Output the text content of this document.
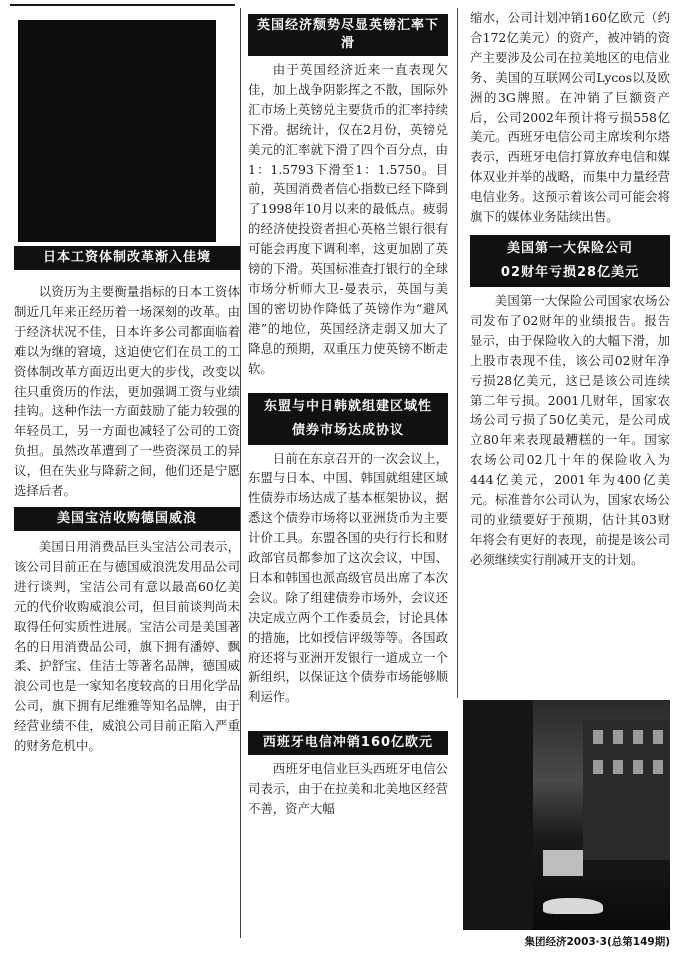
日本工资体制改革渐入佳境

以资历为主要衡量指标的日本工资体制近几年来正经历着一场深刻的改革。由于经济状况不佳，日本许多公司都面临着难以为继的窘境，这迫使它们在员工的工资体制改革方面迈出更大的步伐，改变以往只重资历的作法，更加强调工资与业绩挂钩。这种作法一方面鼓励了能力较强的年轻员工，另一方面也减轻了公司的工资负担。虽然改革遭到了一些资深员工的异议，但在失业与降薪之间，他们还是宁愿选择后者。

美国宝洁收购德国威浪

美国日用消费品巨头宝洁公司表示，该公司目前正在与德国威浪洗发用品公司进行谈判，宝洁公司有意以最高60亿美元的代价收购威浪公司，但目前谈判尚未取得任何实质性进展。宝洁公司是美国著名的日用消费品公司，旗下拥有潘婷、飘柔、护舒宝、佳洁士等著名品牌，德国威浪公司也是一家知名度较高的日用化学品公司，旗下拥有尼维雅等知名品牌，由于经营业绩不佳，威浪公司目前正陷入严重的财务危机中。

英国经济颓势尽显英镑汇率下滑

由于英国经济近来一直表现欠佳，加上战争阴影挥之不散，国际外汇市场上英镑兑主要货币的汇率持续下滑。据统计，仅在2月份，英镑兑美元的汇率就下滑了四个百分点，由1：1.5793下滑至1：1.5750。目前，英国消费者信心指数已经下降到了1998年10月以来的最低点。疲弱的经济使投资者担心英格兰银行很有可能会再度下调利率，这更加剧了英镑的下滑。英国标准查打银行的全球市场分析师大卫-曼表示，英国与美国的密切协作降低了英镑作为“避风港”的地位，英国经济走弱又加大了降息的预期，双重压力使英镑不断走软。

东盟与中日韩就组建区域性
债券市场达成协议

日前在东京召开的一次会议上，东盟与日本、中国、韩国就组建区域性债券市场达成了基本框架协议，据悉这个债券市场将以亚洲货币为主要计价工具。东盟各国的央行行长和财政部官员都参加了这次会议，中国、日本和韩国也派高级官员出席了本次会议。除了组建债券市场外，会议还决定成立两个工作委员会，讨论具体的措施，比如授信评级等等。各国政府还将与亚洲开发银行一道成立一个新组织，以保证这个债券市场能够顺利运作。

西班牙电信冲销160亿欧元

西班牙电信业巨头西班牙电信公司表示，由于在拉美和北美地区经营不善，资产大幅

缩水，公司计划冲销160亿欧元（约合172亿美元）的资产，被冲销的资产主要涉及公司在拉美地区的电信业务、美国的互联网公司Lycos以及欧洲的3G牌照。在冲销了巨额资产后，公司2002年预计将亏损558亿美元。西班牙电信公司主席埃利尔塔表示，西班牙电信打算放弃电信和媒体双业并举的战略，而集中力量经营电信业务。这预示着该公司可能会将旗下的媒体业务陆续出售。

美国第一大保险公司
02财年亏损28亿美元

美国第一大保险公司国家农场公司发布了02财年的业绩报告。报告显示，由于保险收入的大幅下滑，加上股市表现不佳，该公司02财年净亏损28亿美元，这已是该公司连续第二年亏损。2001几财年，国家农场公司亏损了50亿美元，是公司成立80年来表现最糟糕的一年。国家农场公司02几十年的保险收入为444亿美元，2001年为400亿美元。标准普尔公司认为，国家农场公司的业绩要好于预期，估计其03财年将会有更好的表现，前提是该公司必须继续实行削减开支的计划。

集团经济2003·3(总第149期)
